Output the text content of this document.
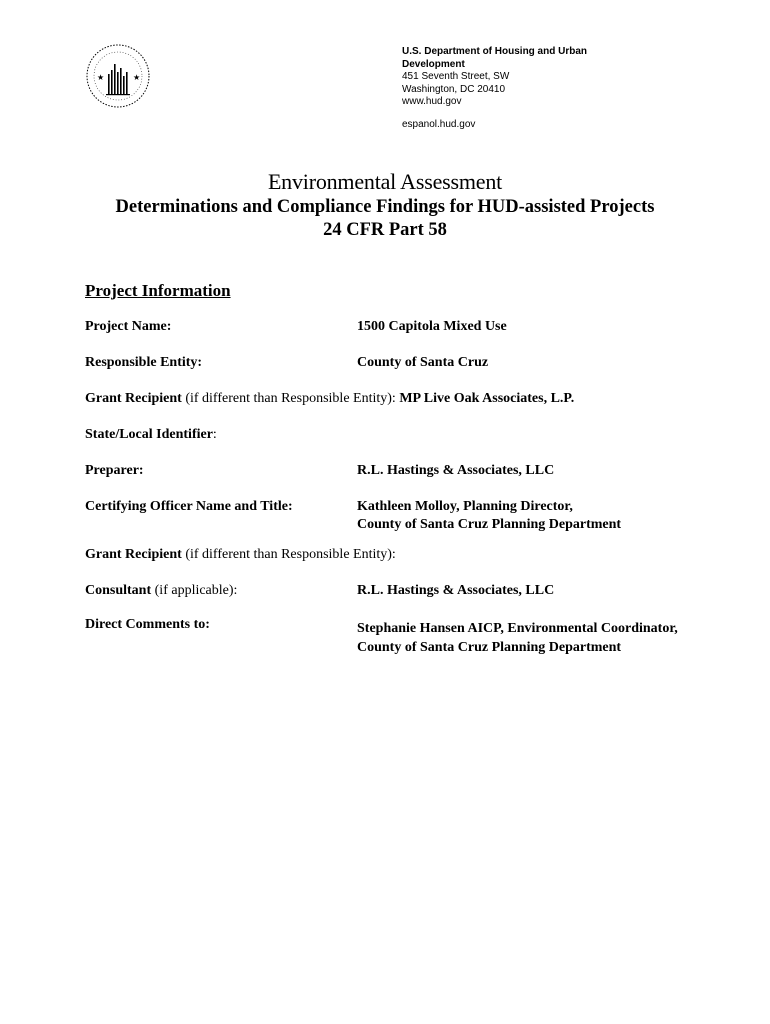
★	★
U.S. Department of Housing and Urban
Development
451 Seventh Street, SW
Washington, DC 20410
www.hud.gov
espanol.hud.gov
Environmental Assessment
Determinations and Compliance Findings for HUD-assisted Projects
24 CFR Part 58
Project Information
Project Name:	1500 Capitola Mixed Use
Responsible Entity:	County of Santa Cruz
Grant Recipient (if different than Responsible Entity): MP Live Oak Associates, L.P.
State/Local Identifier:
Preparer:	R.L. Hastings & Associates, LLC
Certifying Officer Name and Title:	Kathleen Molloy, Planning Director,
County of Santa Cruz Planning Department
Grant Recipient (if different than Responsible Entity):
Consultant (if applicable):	R.L. Hastings & Associates, LLC
Direct Comments to:	Stephanie Hansen AICP, Environmental Coordinator,
County of Santa Cruz Planning Department
